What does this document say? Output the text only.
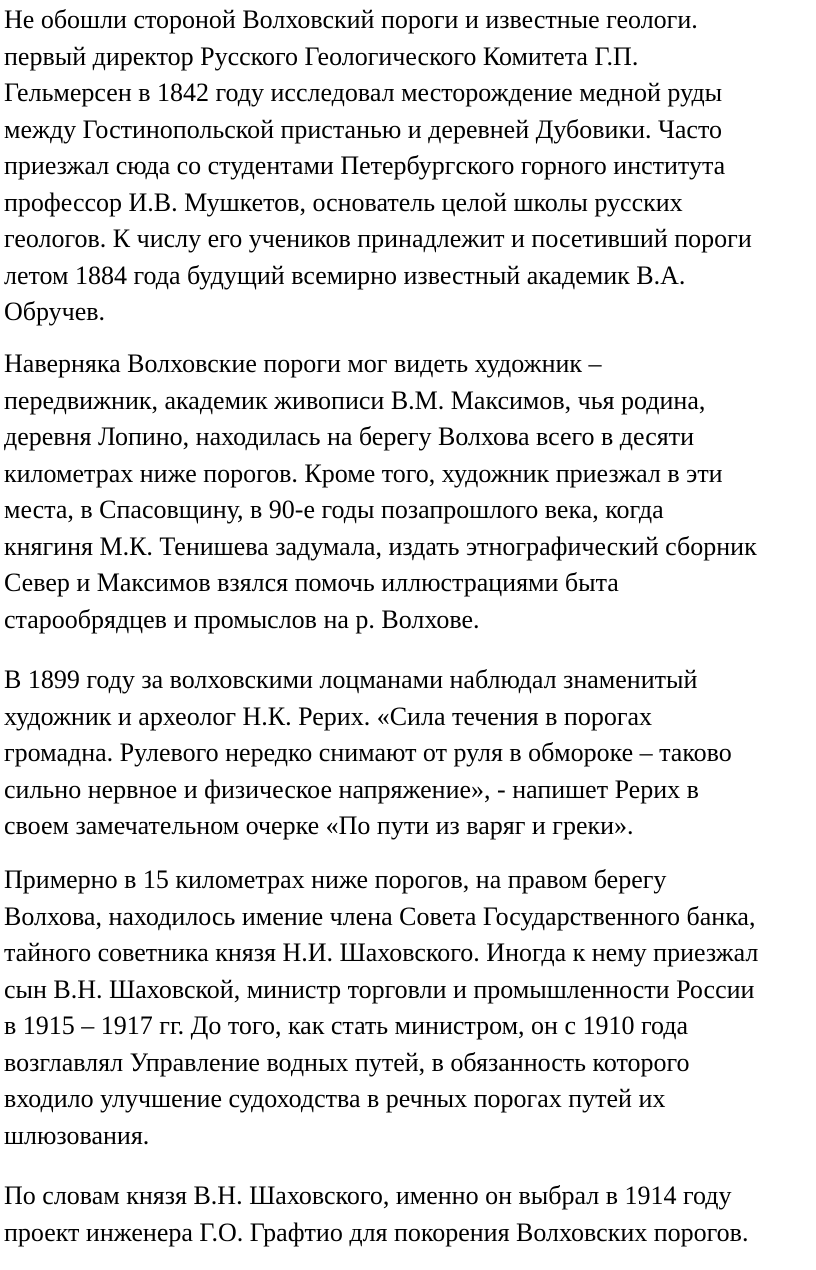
Не обошли стороной Волховский пороги и известные геологи.
первый директор Русского Геологического Комитета Г.П.
Гельмерсен в 1842 году исследовал месторождение медной руды
между Гостинопольской пристанью и деревней Дубовики. Часто
приезжал сюда со студентами Петербургского горного института
профессор И.В. Мушкетов, основатель целой школы русских
геологов. К числу его учеников принадлежит и посетивший пороги
летом 1884 года будущий всемирно известный академик В.А.
Обручев.

Наверняка Волховские пороги мог видеть художник –
передвижник, академик живописи В.М. Максимов, чья родина,
деревня Лопино, находилась на берегу Волхова всего в десяти
километрах ниже порогов. Кроме того, художник приезжал в эти
места, в Спасовщину, в 90-е годы позапрошлого века, когда
княгиня М.К. Тенишева задумала, издать этнографический сборник
Север и Максимов взялся помочь иллюстрациями быта
старообрядцев и промыслов на р. Волхове.

В 1899 году за волховскими лоцманами наблюдал знаменитый
художник и археолог Н.К. Рерих. «Сила течения в порогах
громадна. Рулевого нередко снимают от руля в обмороке – таково
сильно нервное и физическое напряжение», - напишет Рерих в
своем замечательном очерке «По пути из варяг и греки».

Примерно в 15 километрах ниже порогов, на правом берегу
Волхова, находилось имение члена Совета Государственного банка,
тайного советника князя Н.И. Шаховского. Иногда к нему приезжал
сын В.Н. Шаховской, министр торговли и промышленности России
в 1915 – 1917 гг. До того, как стать министром, он с 1910 года
возглавлял Управление водных путей, в обязанность которого
входило улучшение судоходства в речных порогах путей их
шлюзования.

По словам князя В.Н. Шаховского, именно он выбрал в 1914 году
проект инженера Г.О. Графтио для покорения Волховских порогов.
